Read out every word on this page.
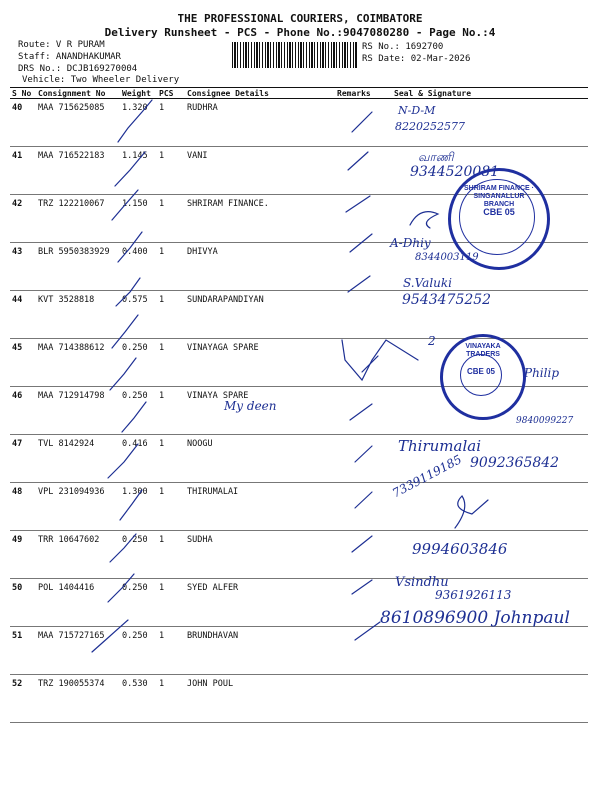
THE PROFESSIONAL COURIERS, COIMBATORE
Delivery Runsheet - PCS - Phone No.:9047080280 - Page No.:4
Route: V R PURAM
Staff: ANANDHAKUMAR
DRS No.: DCJB169270004
Vehicle: Two Wheeler Delivery
RS No.: 1692700
RS Date: 02-Mar-2026
S No	Consignment No	Weight	PCS	Consignee Details	Remarks	Seal & Signature
40	MAA 715625085	1.320	1	RUDHRA		
41	MAA 716522183	1.145	1	VANI		
42	TRZ 122210067	1.150	1	SHRIRAM FINANCE.		
43	BLR 5950383929	0.400	1	DHIVYA		
44	KVT 3528818	0.575	1	SUNDARAPANDIYAN		
45	MAA 714388612	0.250	1	VINAYAGA SPARE		
46	MAA 712914798	0.250	1	VINAYA SPARE		
47	TVL 8142924	0.416	1	NOOGU		
48	VPL 231094936	1.300	1	THIRUMALAI		
49	TRR 10647602	0.250	1	SUDHA		
50	POL 1404416	0.250	1	SYED ALFER		
51	MAA 715727165	0.250	1	BRUNDHAVAN		
52	TRZ 190055374	0.530	1	JOHN POUL		
N-D-M
8220252577
வாணி
9344520081
A-Dhiy
8344003119
S.Valuki
9543475252
2
Philip
My deen
9840099227
Thirumalai
9092365842
7339119185
9994603846
Vsindhu
9361926113
8610896900 Johnpaul
SHRIRAM FINANCE · SINGANALLUR BRANCH
CBE 05
VINAYAKA TRADERS
CBE 05
